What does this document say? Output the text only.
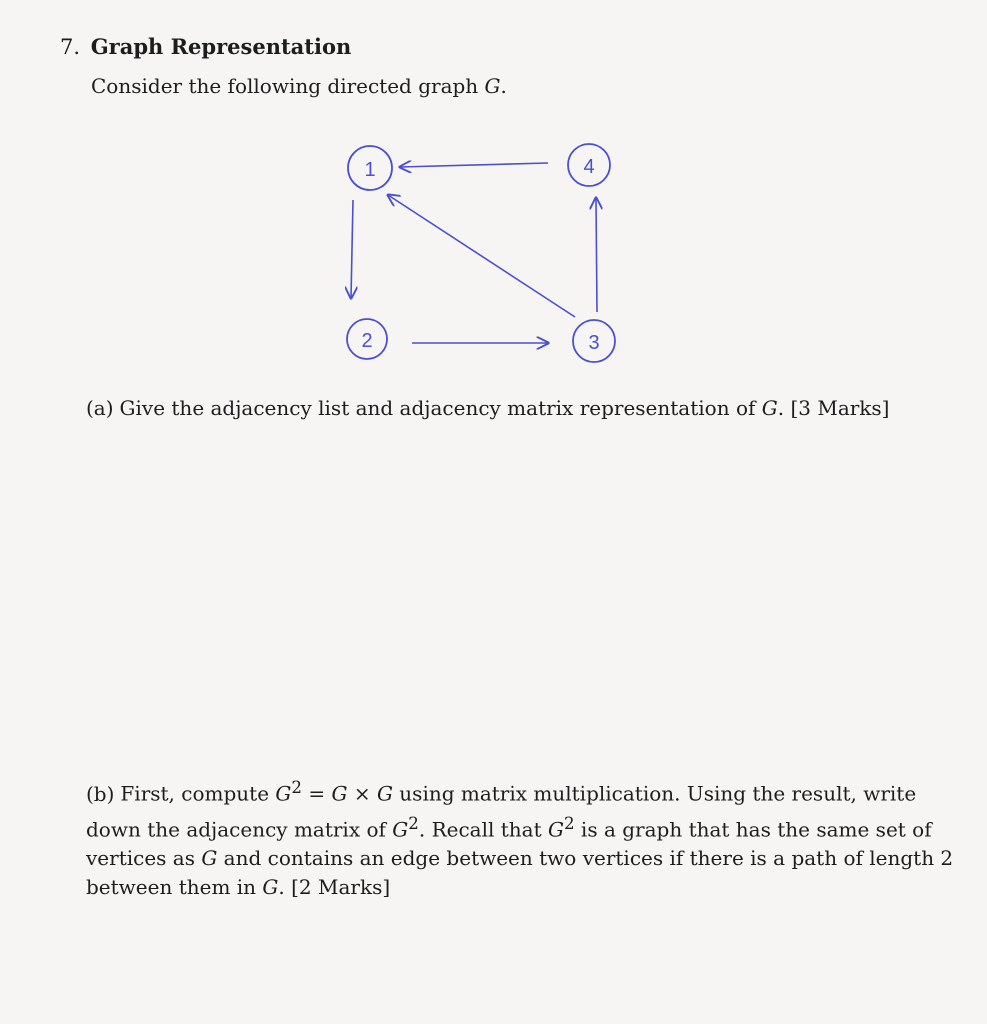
7. Graph Representation
Consider the following directed graph G.
1	4
2	3
(a) Give the adjacency list and adjacency matrix representation of G. [3 Marks]
(b) First, compute $G^2 = G \times G$ using matrix multiplication. Using the result, write down the adjacency matrix of $G^2$. Recall that $G^2$ is a graph that has the same set of vertices as G and contains an edge between two vertices if there is a path of length 2 between them in G. [2 Marks]
